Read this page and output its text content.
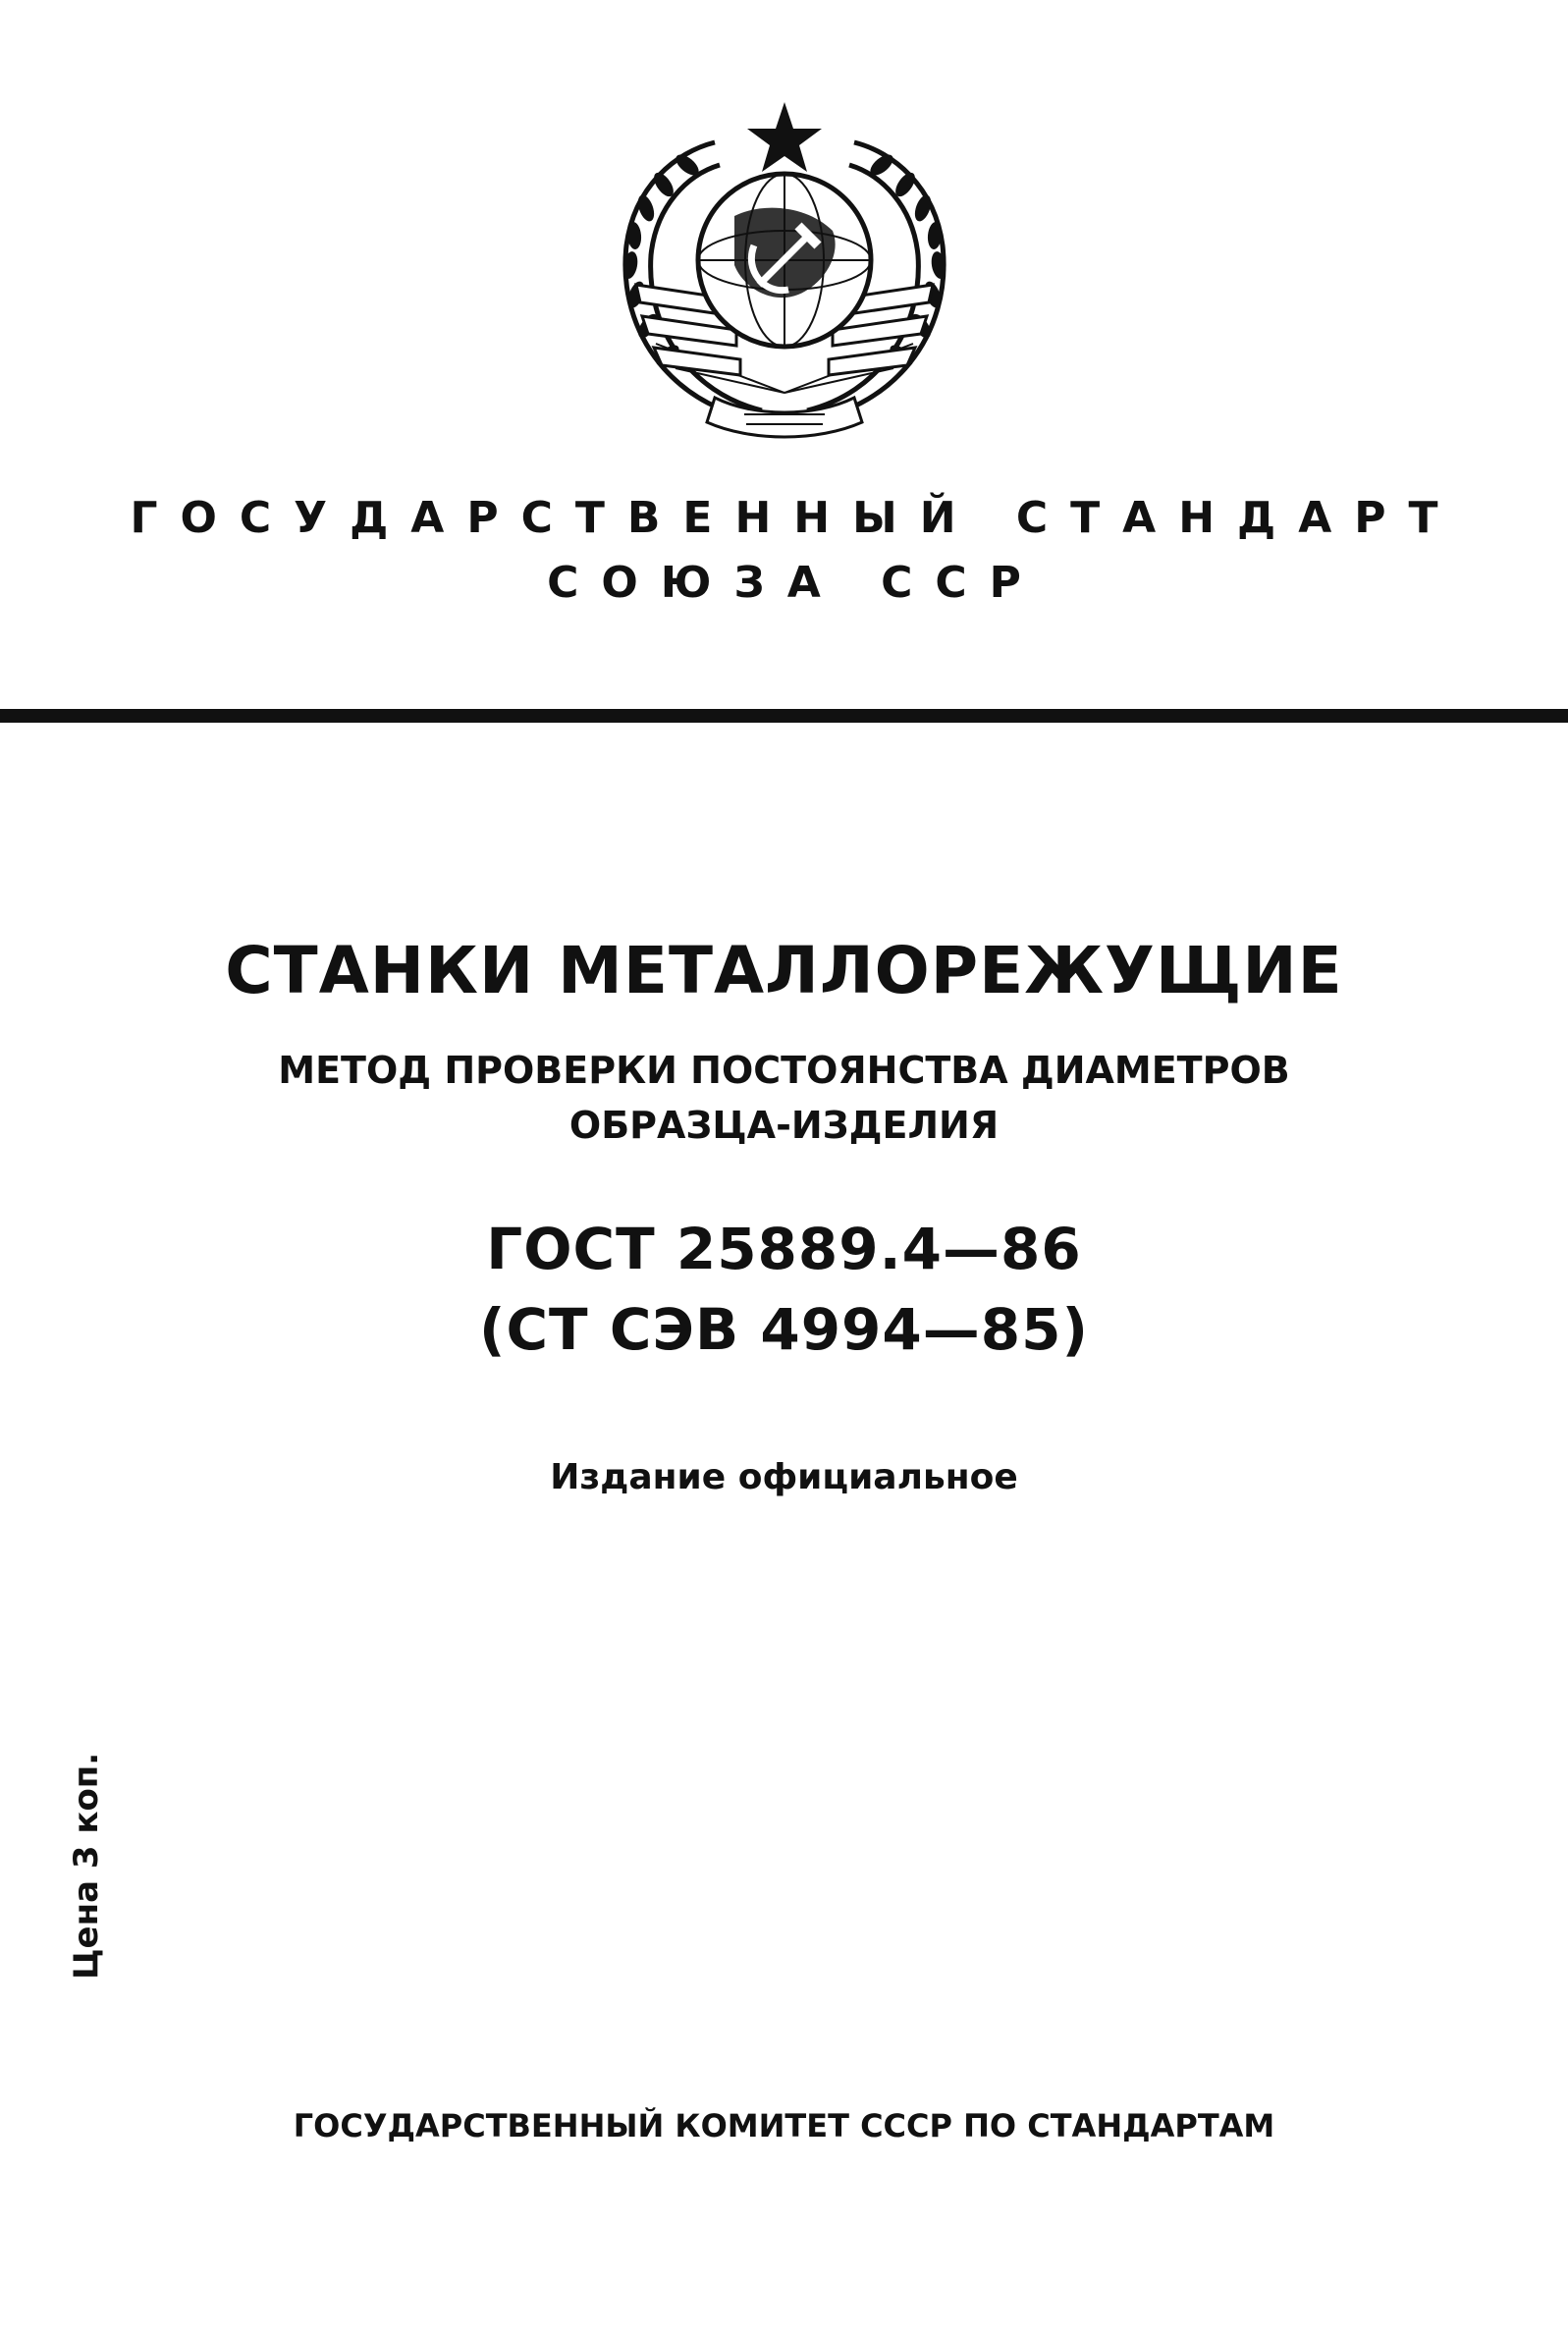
ГОСУДАРСТВЕННЫЙ СТАНДАРТ
СОЮЗА ССР
СТАНКИ МЕТАЛЛОРЕЖУЩИЕ
МЕТОД ПРОВЕРКИ ПОСТОЯНСТВА ДИАМЕТРОВ
ОБРАЗЦА-ИЗДЕЛИЯ
ГОСТ 25889.4—86
(СТ СЭВ 4994—85)
Издание официальное
Цена 3 коп.
ГОСУДАРСТВЕННЫЙ КОМИТЕТ СССР ПО СТАНДАРТАМ
